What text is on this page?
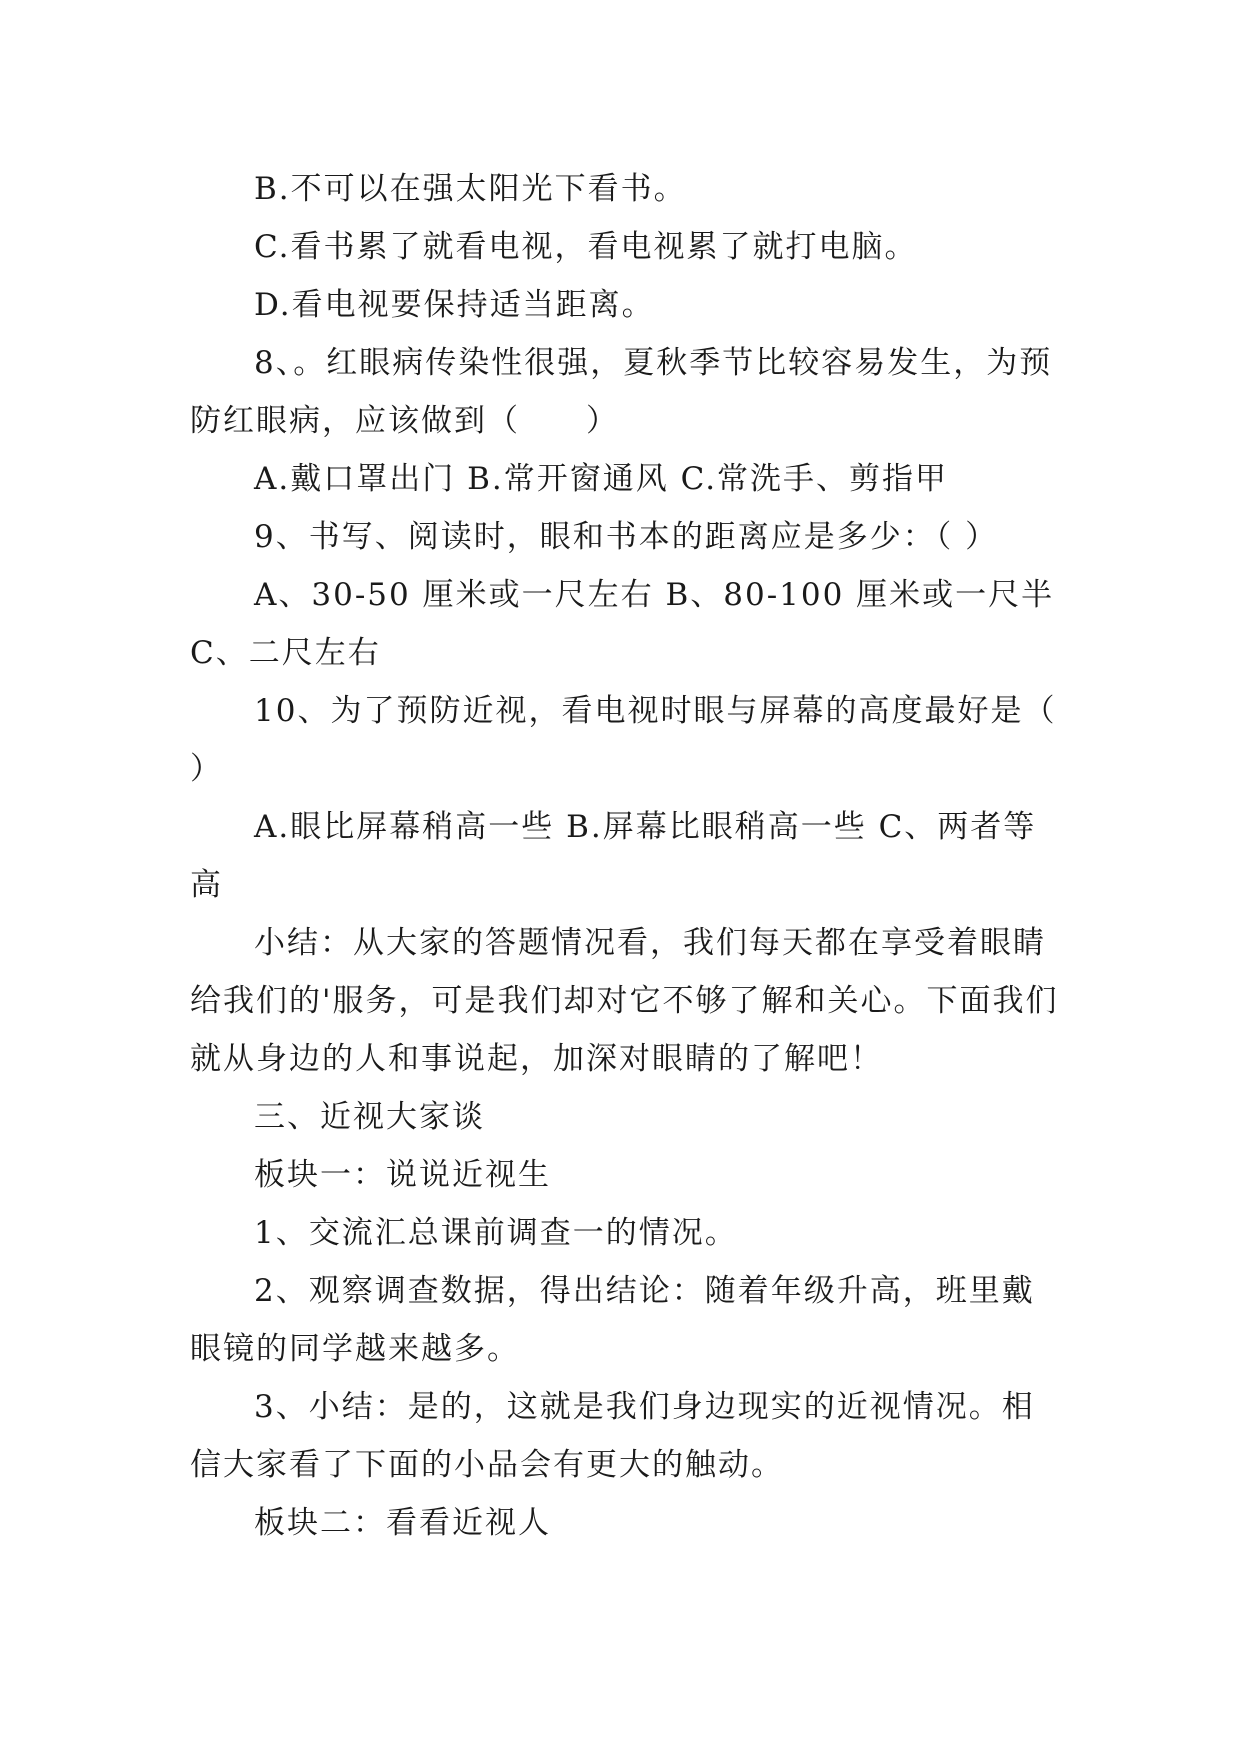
B.不可以在强太阳光下看书。

C.看书累了就看电视，看电视累了就打电脑。

D.看电视要保持适当距离。

8、。红眼病传染性很强，夏秋季节比较容易发生，为预防红眼病，应该做到（　　）

A.戴口罩出门 B.常开窗通风 C.常洗手、剪指甲

9、书写、阅读时，眼和书本的距离应是多少：（ ）

A、30-50 厘米或一尺左右 B、80-100 厘米或一尺半 C、二尺左右

10、为了预防近视，看电视时眼与屏幕的高度最好是（　　）

A.眼比屏幕稍高一些 B.屏幕比眼稍高一些 C、两者等高

小结：从大家的答题情况看，我们每天都在享受着眼睛给我们的'服务，可是我们却对它不够了解和关心。下面我们就从身边的人和事说起，加深对眼睛的了解吧！

三、近视大家谈

板块一：说说近视生

1、交流汇总课前调查一的情况。

2、观察调查数据，得出结论：随着年级升高，班里戴眼镜的同学越来越多。

3、小结：是的，这就是我们身边现实的近视情况。相信大家看了下面的小品会有更大的触动。

板块二：看看近视人
